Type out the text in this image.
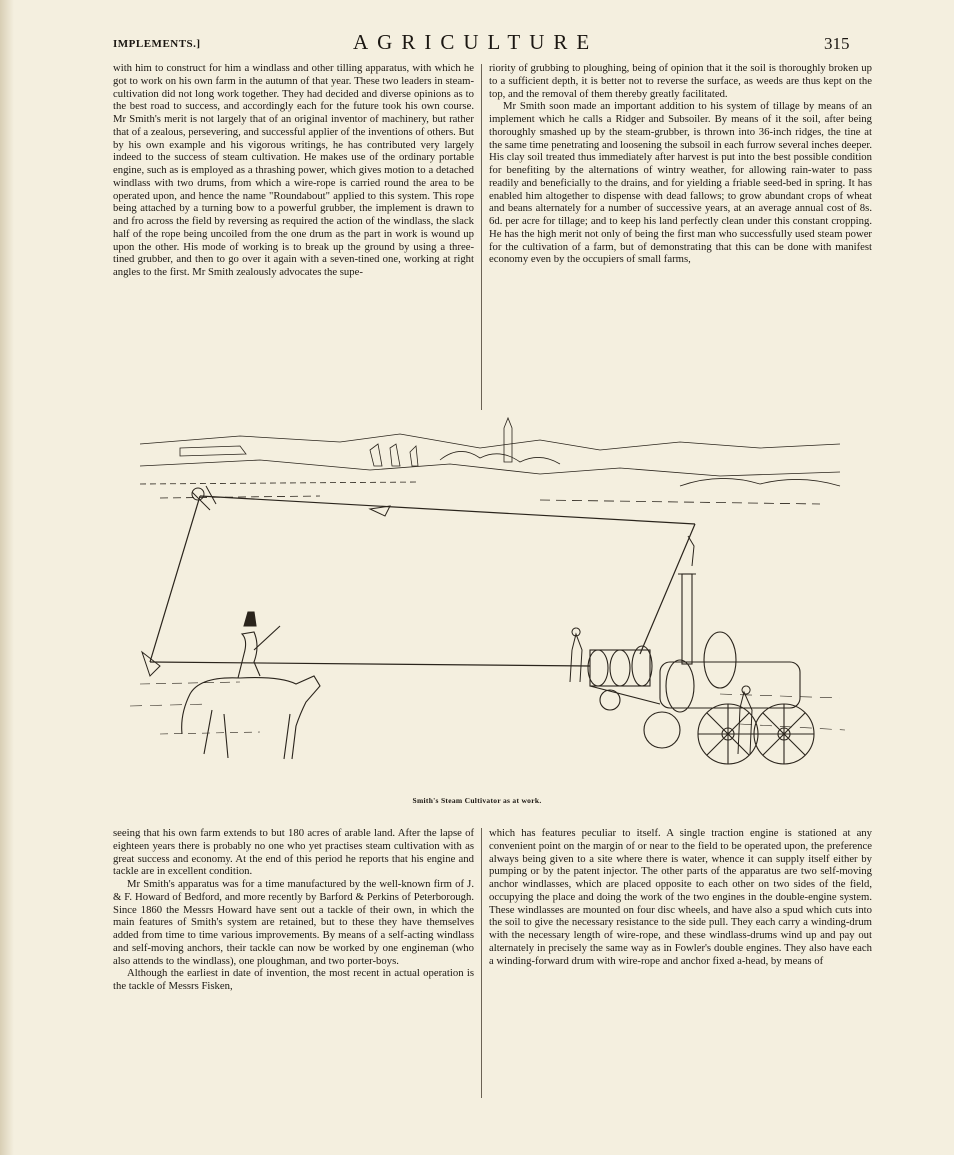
IMPLEMENTS.]	AGRICULTURE	315

with him to construct for him a windlass and other tilling apparatus, with which he got to work on his own farm in the autumn of that year. These two leaders in steam-cultivation did not long work together. They had decided and diverse opinions as to the best road to success, and accordingly each for the future took his own course. Mr Smith's merit is not largely that of an original inventor of machinery, but rather that of a zealous, persevering, and successful applier of the inventions of others. But by his own example and his vigorous writings, he has contributed very largely indeed to the success of steam cultivation. He makes use of the ordinary portable engine, such as is employed as a thrashing power, which gives motion to a detached windlass with two drums, from which a wire-rope is carried round the area to be operated upon, and hence the name "Roundabout" applied to this system. This rope being attached by a turning bow to a powerful grubber, the implement is drawn to and fro across the field by reversing as required the action of the windlass, the slack half of the rope being uncoiled from the one drum as the part in work is wound up upon the other. His mode of working is to break up the ground by using a three-tined grubber, and then to go over it again with a seven-tined one, working at right angles to the first. Mr Smith zealously advocates the supe-

riority of grubbing to ploughing, being of opinion that it the soil is thoroughly broken up to a sufficient depth, it is better not to reverse the surface, as weeds are thus kept on the top, and the removal of them thereby greatly facilitated.

Mr Smith soon made an important addition to his system of tillage by means of an implement which he calls a Ridger and Subsoiler. By means of it the soil, after being thoroughly smashed up by the steam-grubber, is thrown into 36-inch ridges, the tine at the same time penetrating and loosening the subsoil in each furrow several inches deeper. His clay soil treated thus immediately after harvest is put into the best possible condition for benefiting by the alternations of wintry weather, for allowing rain-water to pass readily and beneficially to the drains, and for yielding a friable seed-bed in spring. It has enabled him altogether to dispense with dead fallows; to grow abundant crops of wheat and beans alternately for a number of successive years, at an average annual cost of 8s. 6d. per acre for tillage; and to keep his land perfectly clean under this constant cropping. He has the high merit not only of being the first man who successfully used steam power for the cultivation of a farm, but of demonstrating that this can be done with manifest economy even by the occupiers of small farms,

Smith's Steam Cultivator as at work.

seeing that his own farm extends to but 180 acres of arable land. After the lapse of eighteen years there is probably no one who yet practises steam cultivation with as great success and economy. At the end of this period he reports that his engine and tackle are in excellent condition.

Mr Smith's apparatus was for a time manufactured by the well-known firm of J. & F. Howard of Bedford, and more recently by Barford & Perkins of Peterborough. Since 1860 the Messrs Howard have sent out a tackle of their own, in which the main features of Smith's system are retained, but to these they have themselves added from time to time various improvements. By means of a self-acting windlass and self-moving anchors, their tackle can now be worked by one engineman (who also attends to the windlass), one ploughman, and two porter-boys.

Although the earliest in date of invention, the most recent in actual operation is the tackle of Messrs Fisken,

which has features peculiar to itself. A single traction engine is stationed at any convenient point on the margin of or near to the field to be operated upon, the preference always being given to a site where there is water, whence it can supply itself either by pumping or by the patent injector. The other parts of the apparatus are two self-moving anchor windlasses, which are placed opposite to each other on two sides of the field, occupying the place and doing the work of the two engines in the double-engine system. These windlasses are mounted on four disc wheels, and have also a spud which cuts into the soil to give the necessary resistance to the side pull. They each carry a winding-drum with the necessary length of wire-rope, and these windlass-drums wind up and pay out alternately in precisely the same way as in Fowler's double engines. They also have each a winding-forward drum with wire-rope and anchor fixed a-head, by means of
